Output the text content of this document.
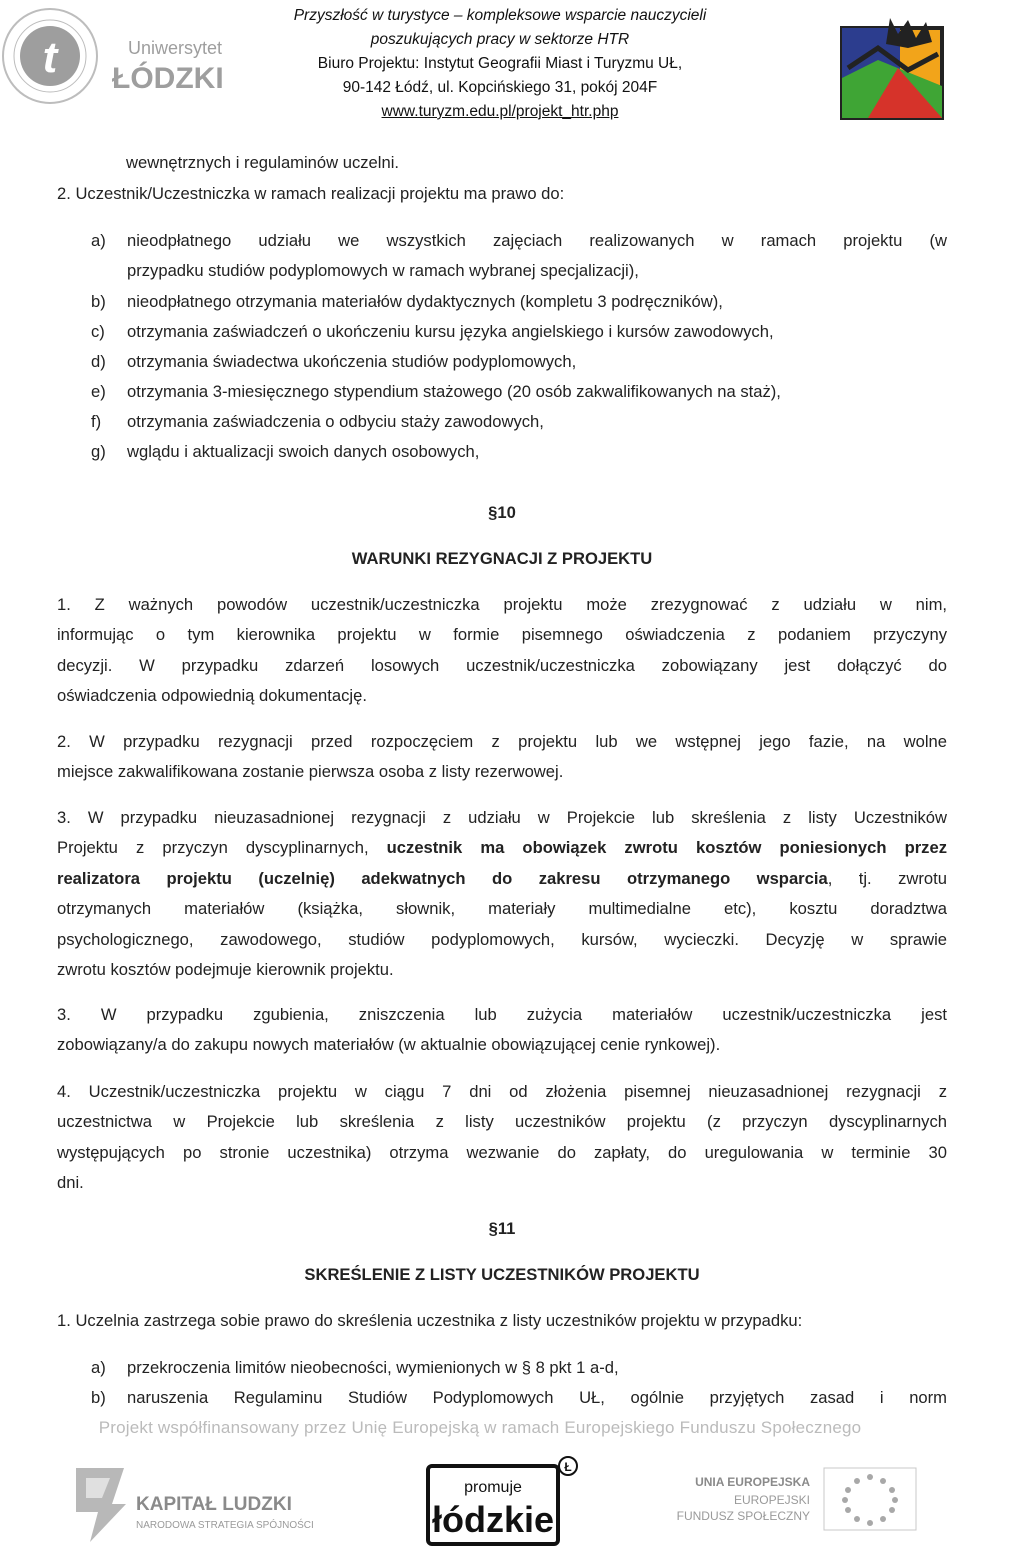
t	Uniwersytet
ŁÓDZKI
Przyszłość w turystyce – kompleksowe wsparcie nauczycieli
poszukujących pracy w sektorze HTR
Biuro Projektu: Instytut Geografii Miast i Turyzmu UŁ,
90-142 Łódź, ul. Kopcińskiego 31, pokój 204F
www.turyzm.edu.pl/projekt_htr.php
wewnętrznych i regulaminów uczelni.
2. Uczestnik/Uczestniczka w ramach realizacji projektu ma prawo do:
a) nieodpłatnego udziału we wszystkich zajęciach realizowanych w ramach projektu (w
przypadku studiów podyplomowych w ramach wybranej specjalizacji),
b) nieodpłatnego otrzymania materiałów dydaktycznych (kompletu 3 podręczników),
c) otrzymania zaświadczeń o ukończeniu kursu języka angielskiego i kursów zawodowych,
d) otrzymania świadectwa ukończenia studiów podyplomowych,
e) otrzymania 3-miesięcznego stypendium stażowego (20 osób zakwalifikowanych na staż),
f) otrzymania zaświadczenia o odbyciu staży zawodowych,
g) wglądu i aktualizacji swoich danych osobowych,
§10
WARUNKI REZYGNACJI Z PROJEKTU
1. Z ważnych powodów uczestnik/uczestniczka projektu może zrezygnować z udziału w nim,
informując o tym kierownika projektu w formie pisemnego oświadczenia z podaniem przyczyny
decyzji. W przypadku zdarzeń losowych uczestnik/uczestniczka zobowiązany jest dołączyć do
oświadczenia odpowiednią dokumentację.
2. W przypadku rezygnacji przed rozpoczęciem z projektu lub we wstępnej jego fazie, na wolne
miejsce zakwalifikowana zostanie pierwsza osoba z listy rezerwowej.
3. W przypadku nieuzasadnionej rezygnacji z udziału w Projekcie lub skreślenia z listy Uczestników
Projektu z przyczyn dyscyplinarnych, uczestnik ma obowiązek zwrotu kosztów poniesionych przez
realizatora projektu (uczelnię) adekwatnych do zakresu otrzymanego wsparcia, tj. zwrotu
otrzymanych materiałów (książka, słownik, materiały multimedialne etc), kosztu doradztwa
psychologicznego, zawodowego, studiów podyplomowych, kursów, wycieczki. Decyzję w sprawie
zwrotu kosztów podejmuje kierownik projektu.
3. W przypadku zgubienia, zniszczenia lub zużycia materiałów uczestnik/uczestniczka jest
zobowiązany/a do zakupu nowych materiałów (w aktualnie obowiązującej cenie rynkowej).
4. Uczestnik/uczestniczka projektu w ciągu 7 dni od złożenia pisemnej nieuzasadnionej rezygnacji z
uczestnictwa w Projekcie lub skreślenia z listy uczestników projektu (z przyczyn dyscyplinarnych
występujących po stronie uczestnika) otrzyma wezwanie do zapłaty, do uregulowania w terminie 30
dni.
§11
SKREŚLENIE Z LISTY UCZESTNIKÓW PROJEKTU
1. Uczelnia zastrzega sobie prawo do skreślenia uczestnika z listy uczestników projektu w przypadku:
a) przekroczenia limitów nieobecności, wymienionych w § 8 pkt 1 a-d,
b) naruszenia Regulaminu Studiów Podyplomowych UŁ, ogólnie przyjętych zasad i norm
Projekt współfinansowany przez Unię Europejską w ramach Europejskiego Funduszu Społecznego
KAPITAŁ LUDZKI
NARODOWA STRATEGIA SPÓJNOŚCI
Ł
promuje
łódzkie
UNIA EUROPEJSKA
EUROPEJSKI
FUNDUSZ SPOŁECZNY
